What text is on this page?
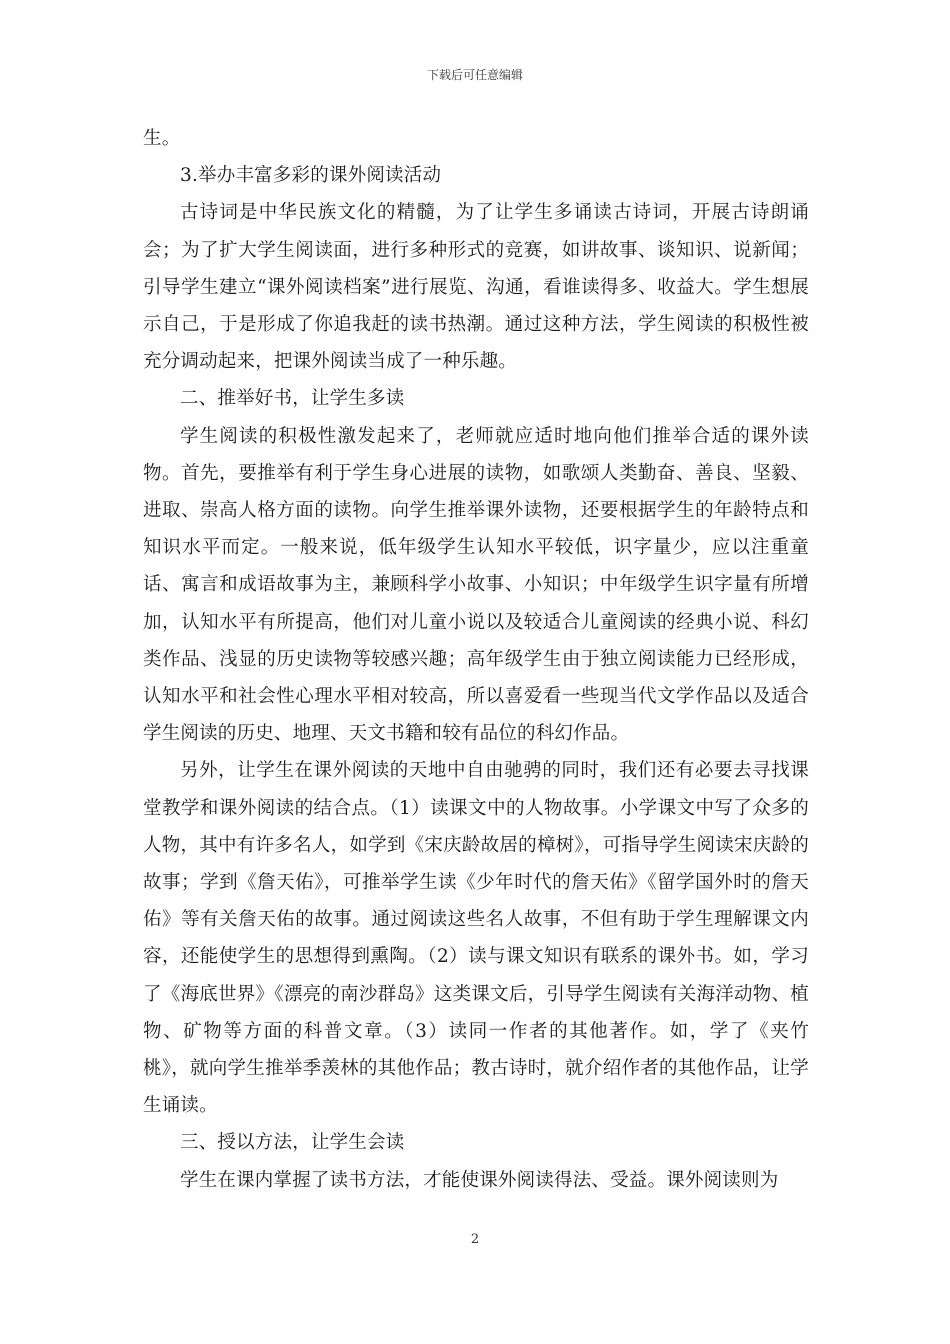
下载后可任意编辑

生。

3.举办丰富多彩的课外阅读活动

古诗词是中华民族文化的精髓，为了让学生多诵读古诗词，开展古诗朗诵会；为了扩大学生阅读面，进行多种形式的竞赛，如讲故事、谈知识、说新闻；引导学生建立“课外阅读档案”进行展览、沟通，看谁读得多、收益大。学生想展示自己，于是形成了你追我赶的读书热潮。通过这种方法，学生阅读的积极性被充分调动起来，把课外阅读当成了一种乐趣。

二、推举好书，让学生多读

学生阅读的积极性激发起来了，老师就应适时地向他们推举合适的课外读物。首先，要推举有利于学生身心进展的读物，如歌颂人类勤奋、善良、坚毅、进取、崇高人格方面的读物。向学生推举课外读物，还要根据学生的年龄特点和知识水平而定。一般来说，低年级学生认知水平较低，识字量少，应以注重童话、寓言和成语故事为主，兼顾科学小故事、小知识；中年级学生识字量有所增加，认知水平有所提高，他们对儿童小说以及较适合儿童阅读的经典小说、科幻类作品、浅显的历史读物等较感兴趣；高年级学生由于独立阅读能力已经形成，认知水平和社会性心理水平相对较高，所以喜爱看一些现当代文学作品以及适合学生阅读的历史、地理、天文书籍和较有品位的科幻作品。

另外，让学生在课外阅读的天地中自由驰骋的同时，我们还有必要去寻找课堂教学和课外阅读的结合点。（1）读课文中的人物故事。小学课文中写了众多的人物，其中有许多名人，如学到《宋庆龄故居的樟树》，可指导学生阅读宋庆龄的故事；学到《詹天佑》，可推举学生读《少年时代的詹天佑》《留学国外时的詹天佑》等有关詹天佑的故事。通过阅读这些名人故事，不但有助于学生理解课文内容，还能使学生的思想得到熏陶。（2）读与课文知识有联系的课外书。如，学习了《海底世界》《漂亮的南沙群岛》这类课文后，引导学生阅读有关海洋动物、植物、矿物等方面的科普文章。（3）读同一作者的其他著作。如，学了《夹竹桃》，就向学生推举季羡林的其他作品；教古诗时，就介绍作者的其他作品，让学生诵读。

三、授以方法，让学生会读

学生在课内掌握了读书方法，才能使课外阅读得法、受益。课外阅读则为

2
